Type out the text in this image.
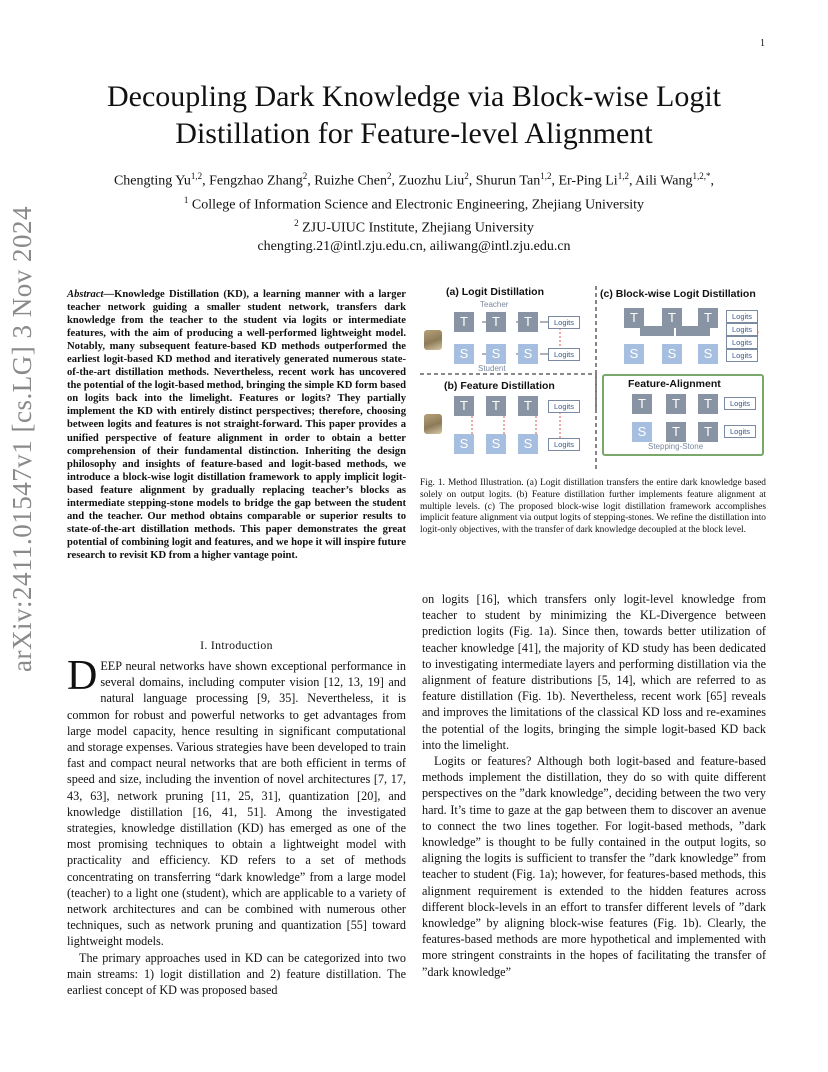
1
arXiv:2411.01547v1 [cs.LG] 3 Nov 2024
Decoupling Dark Knowledge via Block-wise Logit
Distillation for Feature-level Alignment
Chengting Yu$^{1,2}$, Fengzhao Zhang$^2$, Ruizhe Chen$^2$, Zuozhu Liu$^2$, Shurun Tan$^{1,2}$, Er-Ping Li$^{1,2}$, Aili Wang$^{1,2,*}$,
$^1$ College of Information Science and Electronic Engineering, Zhejiang University
$^2$ ZJU-UIUC Institute, Zhejiang University
chengting.21@intl.zju.edu.cn, ailiwang@intl.zju.edu.cn
Abstract—Knowledge Distillation (KD), a learning manner with a larger teacher network guiding a smaller student network, transfers dark knowledge from the teacher to the student via logits or intermediate features, with the aim of producing a well-performed lightweight model. Notably, many subsequent feature-based KD methods outperformed the earliest logit-based KD method and iteratively generated numerous state-of-the-art distillation methods. Nevertheless, recent work has uncovered the potential of the logit-based method, bringing the simple KD form based on logits back into the limelight. Features or logits? They partially implement the KD with entirely distinct perspectives; therefore, choosing between logits and features is not straight-forward. This paper provides a unified perspective of feature alignment in order to obtain a better comprehension of their fundamental distinction. Inheriting the design philosophy and insights of feature-based and logit-based methods, we introduce a block-wise logit distillation framework to apply implicit logit-based feature alignment by gradually replacing teacher’s blocks as intermediate stepping-stone models to bridge the gap between the student and the teacher. Our method obtains comparable or superior results to state-of-the-art distillation methods. This paper demonstrates the great potential of combining logit and features, and we hope it will inspire future research to revisit KD from a higher vantage point.
I. Introduction

DEEP neural networks have shown exceptional performance in several domains, including computer vision [12, 13, 19] and natural language processing [9, 35]. Nevertheless, it is common for robust and powerful networks to get advantages from large model capacity, hence resulting in significant computational and storage expenses. Various strategies have been developed to train fast and compact neural networks that are both efficient in terms of speed and size, including the invention of novel architectures [7, 17, 43, 63], network pruning [11, 25, 31], quantization [20], and knowledge distillation [16, 41, 51]. Among the investigated strategies, knowledge distillation (KD) has emerged as one of the most promising techniques to obtain a lightweight model with practicality and efficiency. KD refers to a set of methods concentrating on transferring “dark knowledge” from a large model (teacher) to a light one (student), which are applicable to a variety of network architectures and can be combined with numerous other techniques, such as network pruning and quantization [55] toward lightweight models.

The primary approaches used in KD can be categorized into two main streams: 1) logit distillation and 2) feature distillation. The earliest concept of KD was proposed based

on logits [16], which transfers only logit-level knowledge from teacher to student by minimizing the KL-Divergence between prediction logits (Fig. 1a). Since then, towards better utilization of teacher knowledge [41], the majority of KD study has been dedicated to investigating intermediate layers and performing distillation via the alignment of feature distributions [5, 14], which are referred to as feature distillation (Fig. 1b). Nevertheless, recent work [65] reveals and improves the limitations of the classical KD loss and re-examines the potential of the logits, bringing the simple logit-based KD back into the limelight.

Logits or features? Although both logit-based and feature-based methods implement the distillation, they do so with quite different perspectives on the ”dark knowledge”, deciding between the two very hard. It’s time to gaze at the gap between them to discover an avenue to connect the two lines together. For logit-based methods, ”dark knowledge” is thought to be fully contained in the output logits, so aligning the logits is sufficient to transfer the ”dark knowledge” from teacher to student (Fig. 1a); however, for features-based methods, this alignment requirement is extended to the hidden features across different block-levels in an effort to transfer different levels of ”dark knowledge” by aligning block-wise features (Fig. 1b). Clearly, the features-based methods are more hypothetical and implemented with more stringent constraints in the hopes of facilitating the transfer of ”dark knowledge”

(a) Logit Distillation
Teacher
T	T	T	Logits
S	S	S	Logits
Student
(b) Feature Distillation
T	T	T	Logits
S	S	S	Logits
(c) Block-wise Logit Distillation
T	T	T
S	S	S
Logits
Logits
Logits
Logits
Feature-Alignment
T	T	T	Logits
S	T	T	Logits
Stepping-Stone
Fig. 1. Method Illustration. (a) Logit distillation transfers the entire dark knowledge based solely on output logits. (b) Feature distillation further implements feature alignment at multiple levels. (c) The proposed block-wise logit distillation framework accomplishes implicit feature alignment via output logits of stepping-stones. We refine the distillation into logit-only objectives, with the transfer of dark knowledge decoupled at the block level.
